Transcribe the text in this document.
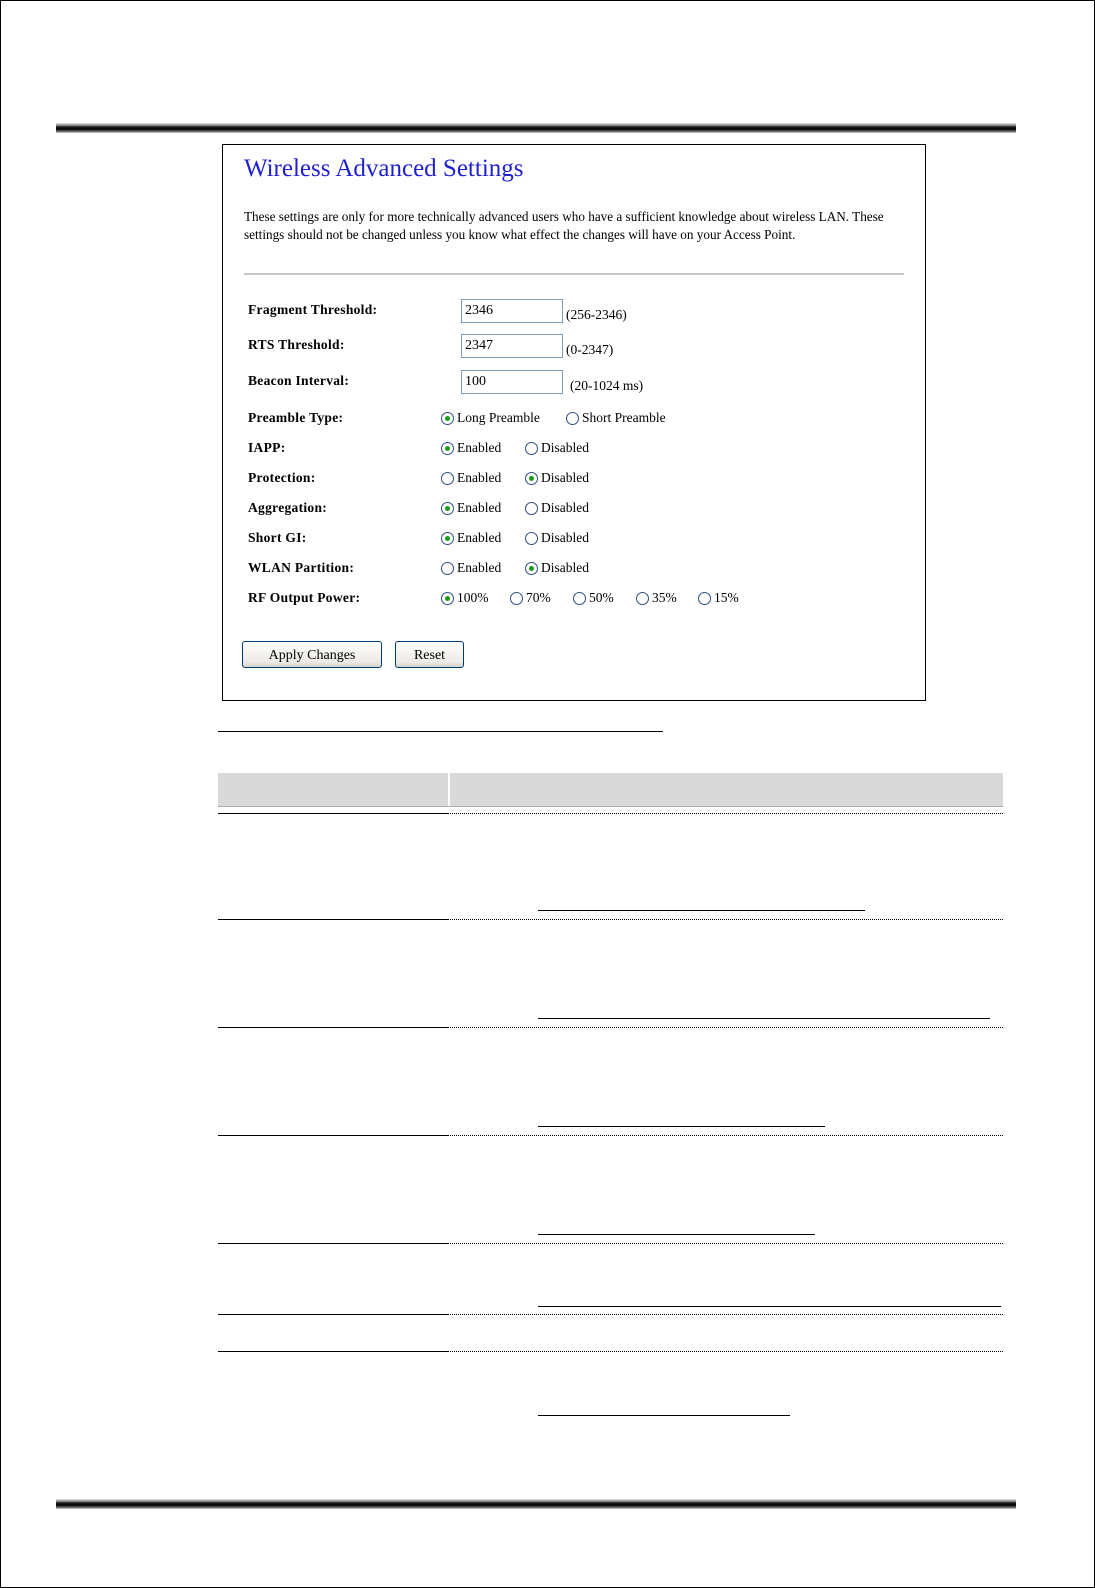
Wireless Advanced Settings
These settings are only for more technically advanced users who have a sufficient knowledge about wireless LAN. These settings should not be changed unless you know what effect the changes will have on your Access Point.
Fragment Threshold:
2346	(256-2346)
RTS Threshold:
2347	(0-2347)
Beacon Interval:
100	(20-1024 ms)
Preamble Type:	Long Preamble	Short Preamble
IAPP:	Enabled	Disabled
Protection:	Enabled	Disabled
Aggregation:	Enabled	Disabled
Short GI:	Enabled	Disabled
WLAN Partition:	Enabled	Disabled
RF Output Power:	100%	70%	50%	35%	15%
Apply Changes	Reset
